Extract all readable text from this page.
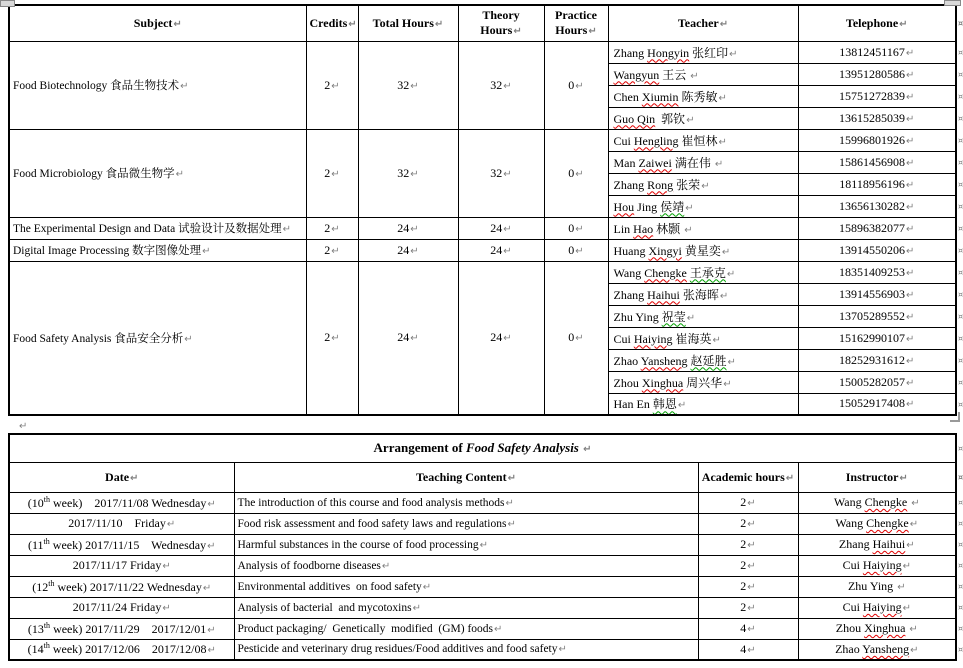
Subject↵	Credits↵	Total Hours↵	Theory Hours↵	Practice Hours↵	Teacher↵	Telephone↵	¤
Food Biotechnology 食品生物技术↵	2↵	32↵	32↵	0↵	Zhang Hongyin 张红印↵	13812451167↵	¤
					Wangyun 王云 ↵	13951280586↵	¤
					Chen Xiumin 陈秀敏↵	15751272839↵	¤
					Guo Qin  郭钦↵	13615285039↵	¤
Food Microbiology 食品微生物学↵	2↵	32↵	32↵	0↵	Cui Hengling 崔恒林↵	15996801926↵	¤
					Man Zaiwei 满在伟 ↵	15861456908↵	¤
					Zhang Rong 张荣↵	18118956196↵	¤
					Hou Jing 侯靖↵	13656130282↵	¤
The Experimental Design and Data 试验设计及数据处理↵	2↵	24↵	24↵	0↵	Lin Hao 林颢 ↵	15896382077↵	¤
Digital Image Processing 数字图像处理↵	2↵	24↵	24↵	0↵	Huang Xingyi 黄星奕↵	13914550206↵	¤
Food Safety Analysis 食品安全分析↵	2↵	24↵	24↵	0↵	Wang Chengke 王承克↵	18351409253↵	¤
					Zhang Haihui 张海晖↵	13914556903↵	¤
					Zhu Ying 祝莹↵	13705289552↵	¤
					Cui Haiying 崔海英↵	15162990107↵	¤
					Zhao Yansheng 赵延胜↵	18252931612↵	¤
					Zhou Xinghua 周兴华↵	15005282057↵	¤
					Han En 韩恩↵	15052917408↵	¤
↵
Arrangement of Food Safety Analysis ↵				¤
Date↵	Teaching Content↵	Academic hours↵	Instructor↵	¤
(10th week)    2017/11/08 Wednesday↵	The introduction of this course and food analysis methods↵	2↵	Wang Chengke ↵	¤
2017/11/10    Friday↵	Food risk assessment and food safety laws and regulations↵	2↵	Wang Chengke↵	¤
(11th week) 2017/11/15    Wednesday↵	Harmful substances in the course of food processing↵	2↵	Zhang Haihui↵	¤
2017/11/17 Friday↵	Analysis of foodborne diseases↵	2↵	Cui Haiying↵	¤
(12th week) 2017/11/22 Wednesday↵	Environmental additives  on food safety↵	2↵	Zhu Ying ↵	¤
2017/11/24 Friday↵	Analysis of bacterial  and mycotoxins↵	2↵	Cui Haiying↵	¤
(13th week) 2017/11/29    2017/12/01↵	Product packaging/  Genetically  modified  (GM) foods↵	4↵	Zhou Xinghua ↵	¤
(14th week) 2017/12/06    2017/12/08↵	Pesticide and veterinary drug residues/Food additives and food safety↵	4↵	Zhao Yansheng↵	¤
